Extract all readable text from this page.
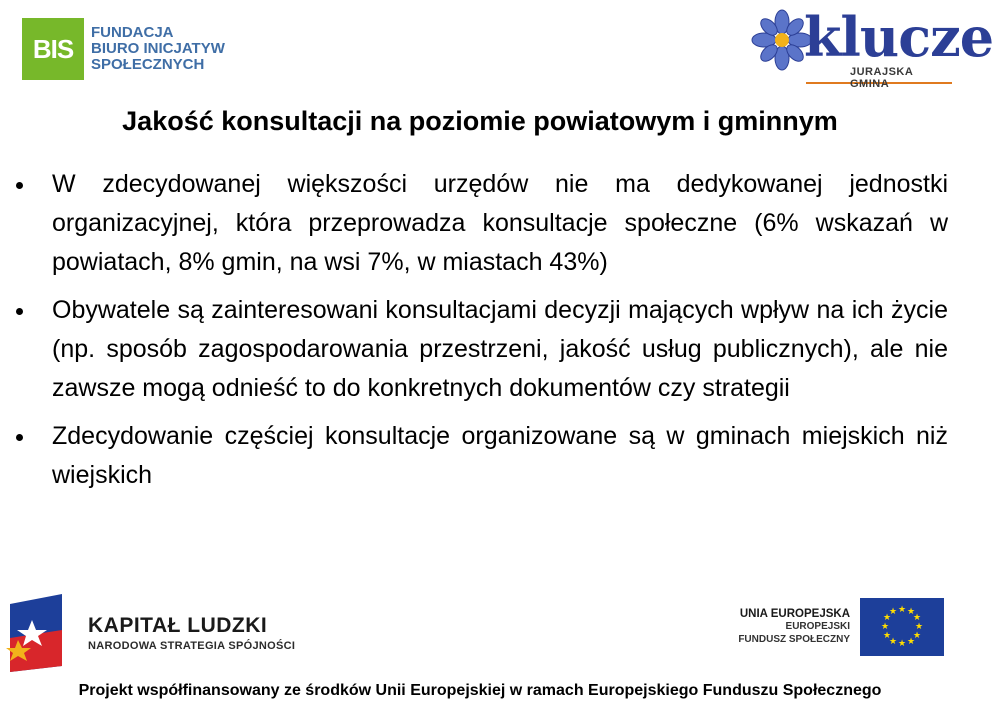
BIS
FUNDACJA
BIURO INICJATYW
SPOŁECZNYCH	klucze
JURAJSKA GMINA
Jakość konsultacji na poziomie powiatowym i gminnym
W zdecydowanej większości urzędów nie ma dedykowanej jednostki organizacyjnej, która przeprowadza konsultacje społeczne (6% wskazań w powiatach, 8% gmin, na wsi 7%, w miastach 43%)
Obywatele są zainteresowani konsultacjami decyzji mających wpływ na ich życie (np. sposób zagospodarowania przestrzeni, jakość usług publicznych), ale nie zawsze mogą odnieść to do konkretnych dokumentów czy strategii
Zdecydowanie częściej konsultacje organizowane są w gminach miejskich niż wiejskich
KAPITAŁ LUDZKI
NARODOWA STRATEGIA SPÓJNOŚCI
UNIA EUROPEJSKA
EUROPEJSKI
FUNDUSZ SPOŁECZNY
★ ★
★
★
★
★
★
★
★
★
★
★
Projekt współfinansowany ze środków Unii Europejskiej w ramach Europejskiego Funduszu Społecznego
